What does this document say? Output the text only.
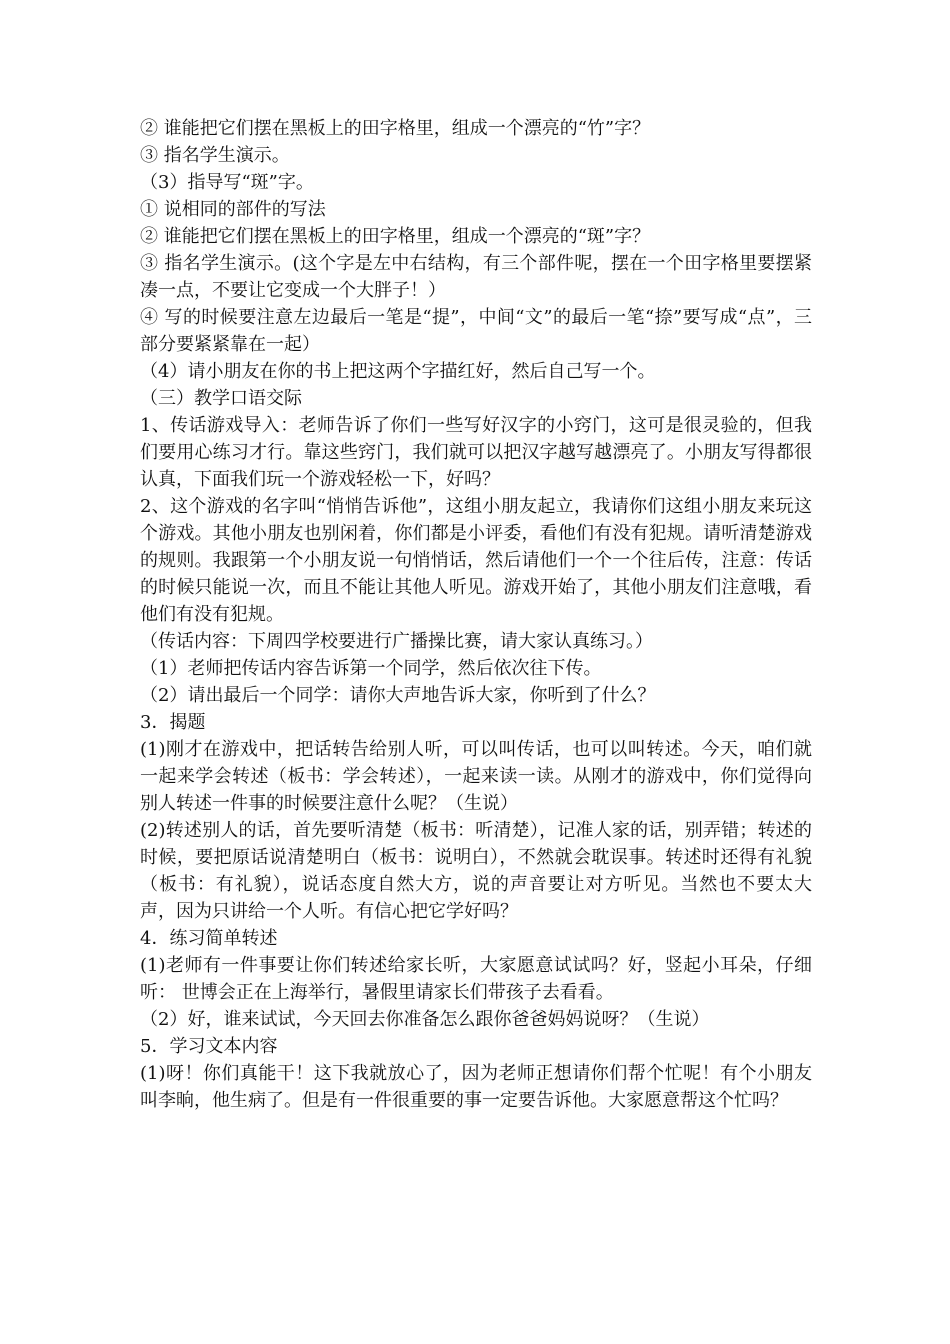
② 谁能把它们摆在黑板上的田字格里，组成一个漂亮的“竹”字？

③ 指名学生演示。

（3）指导写“斑”字。

① 说相同的部件的写法

② 谁能把它们摆在黑板上的田字格里，组成一个漂亮的“斑”字？

③ 指名学生演示。(这个字是左中右结构，有三个部件呢，摆在一个田字格里要摆紧凑一点，不要让它变成一个大胖子！）

④ 写的时候要注意左边最后一笔是“提”，中间“文”的最后一笔“捺”要写成“点”，三部分要紧紧靠在一起）

（4）请小朋友在你的书上把这两个字描红好，然后自己写一个。

（三）教学口语交际

1、传话游戏导入：老师告诉了你们一些写好汉字的小窍门，这可是很灵验的，但我们要用心练习才行。靠这些窍门，我们就可以把汉字越写越漂亮了。小朋友写得都很认真，下面我们玩一个游戏轻松一下，好吗？

2、这个游戏的名字叫“悄悄告诉他”，这组小朋友起立，我请你们这组小朋友来玩这个游戏。其他小朋友也别闲着，你们都是小评委，看他们有没有犯规。请听清楚游戏的规则。我跟第一个小朋友说一句悄悄话，然后请他们一个一个往后传，注意：传话的时候只能说一次，而且不能让其他人听见。游戏开始了，其他小朋友们注意哦，看他们有没有犯规。

（传话内容：下周四学校要进行广播操比赛，请大家认真练习。）

（1）老师把传话内容告诉第一个同学，然后依次往下传。

（2）请出最后一个同学：请你大声地告诉大家，你听到了什么？

3．揭题

(1)刚才在游戏中，把话转告给别人听，可以叫传话，也可以叫转述。今天，咱们就一起来学会转述（板书：学会转述），一起来读一读。从刚才的游戏中，你们觉得向别人转述一件事的时候要注意什么呢？（生说）

(2)转述别人的话，首先要听清楚（板书：听清楚），记准人家的话，别弄错；转述的时候，要把原话说清楚明白（板书：说明白），不然就会耽误事。转述时还得有礼貌（板书：有礼貌），说话态度自然大方，说的声音要让对方听见。当然也不要太大声，因为只讲给一个人听。有信心把它学好吗？

4．练习简单转述

(1)老师有一件事要让你们转述给家长听，大家愿意试试吗？好，竖起小耳朵，仔细听： 世博会正在上海举行，暑假里请家长们带孩子去看看。

（2）好，谁来试试，今天回去你准备怎么跟你爸爸妈妈说呀？（生说）

5．学习文本内容

(1)呀！你们真能干！这下我就放心了，因为老师正想请你们帮个忙呢！有个小朋友叫李晌，他生病了。但是有一件很重要的事一定要告诉他。大家愿意帮这个忙吗？
